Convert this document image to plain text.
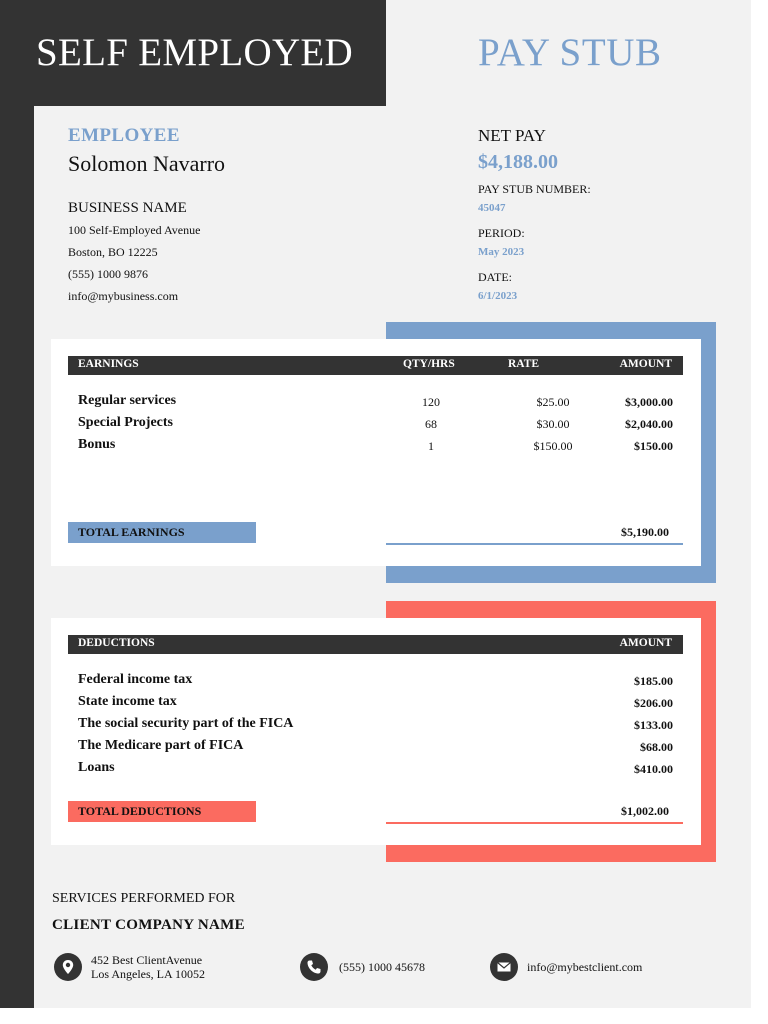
SELF EMPLOYED	PAY STUB
EMPLOYEE
Solomon Navarro
BUSINESS NAME
100 Self-Employed Avenue
Boston, BO 12225
(555) 1000 9876
info@mybusiness.com
NET PAY
$4,188.00
PAY STUB NUMBER:
45047
PERIOD:
May 2023
DATE:
6/1/2023
EARNINGS	QTY/HRS	RATE	AMOUNT
Regular services	120	$25.00	$3,000.00
Special Projects	68	$30.00	$2,040.00
Bonus	1	$150.00	$150.00
TOTAL EARNINGS	$5,190.00
DEDUCTIONS	AMOUNT
Federal income tax	$185.00
State income tax	$206.00
The social security part of the FICA	$133.00
The Medicare part of FICA	$68.00
Loans	$410.00
TOTAL DEDUCTIONS	$1,002.00
SERVICES PERFORMED FOR
CLIENT COMPANY NAME
452 Best ClientAvenue
Los Angeles, LA 10052	(555) 1000 45678	info@mybestclient.com
